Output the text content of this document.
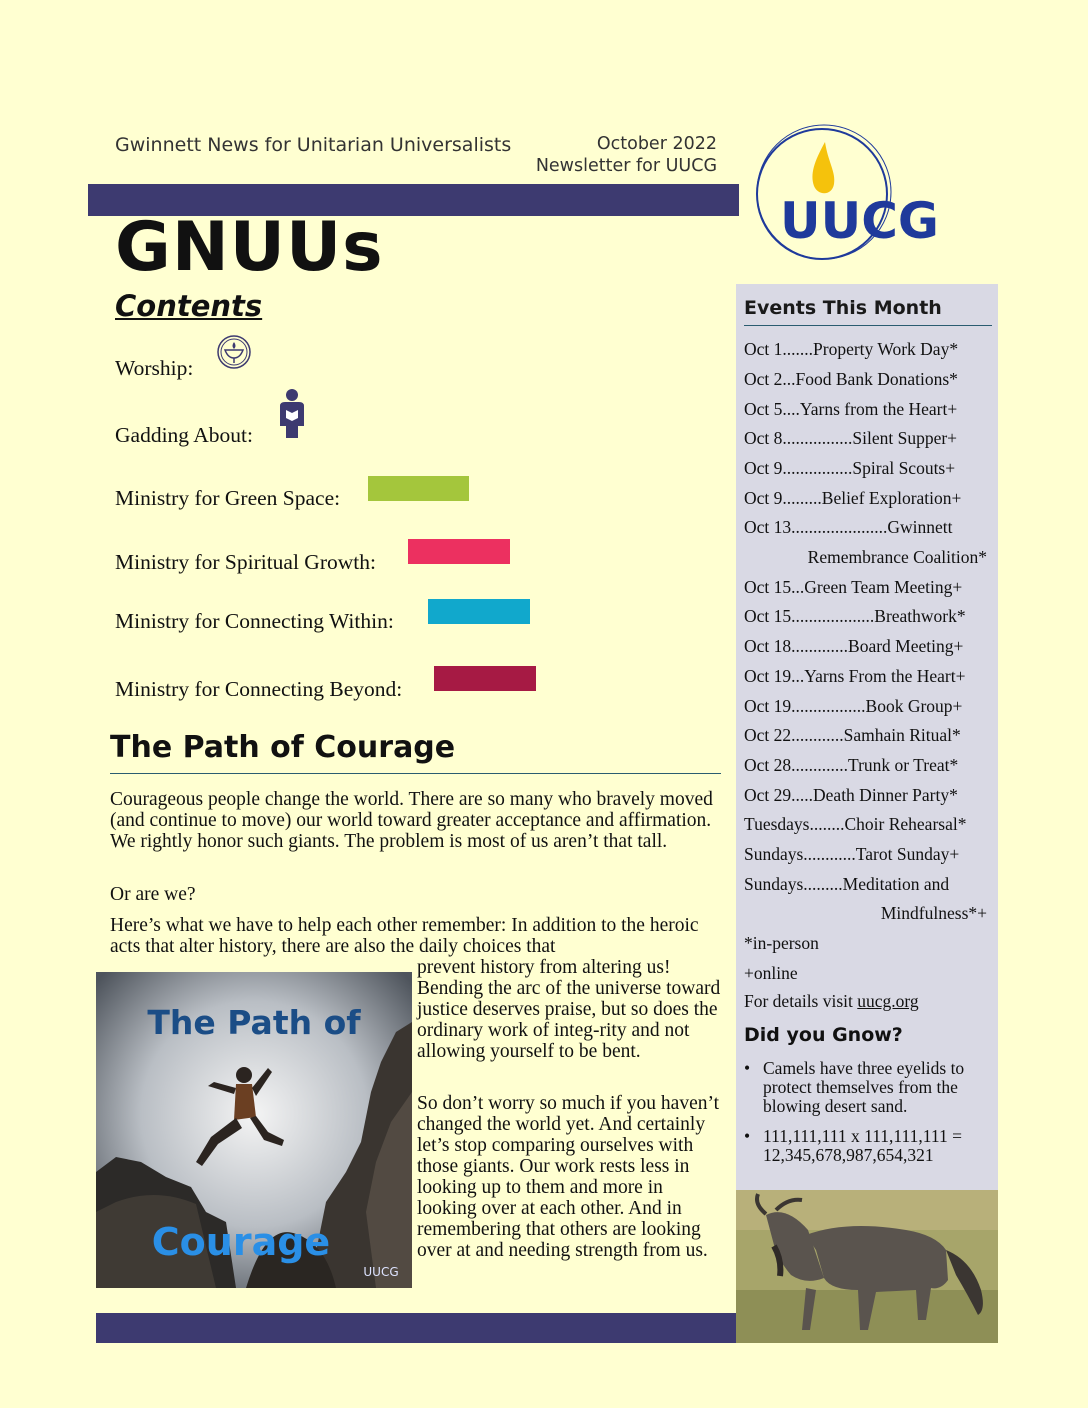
Gwinnett News for Unitarian Universalists	October 2022
Newsletter for UUCG
UUCG
GNUUs
Contents
Worship:
Gadding About:
Ministry for Green Space:
Ministry for Spiritual Growth:
Ministry for Connecting Within:
Ministry for Connecting Beyond:
The Path of Courage

Courageous people change the world. There are so many who bravely moved (and continue to move) our world toward greater acceptance and affirmation. We rightly honor such giants. The problem is most of us aren’t that tall.

Or are we?

Here’s what we have to help each other remember: In addition to the heroic acts that alter history, there are also the daily choices that

prevent history from altering us! Bending the arc of the universe toward justice deserves praise, but so does the ordinary work of integ-rity and not allowing yourself to be bent.

So don’t worry so much if you haven’t changed the world yet. And certainly let’s stop comparing ourselves with those giants. Our work rests less in looking up to them and more in looking over at each other. And in remembering that others are looking over at and needing strength from us.

The Path of
Courage
UUCG
Events This Month
Oct 1.......Property Work Day*
Oct 2...Food Bank Donations*
Oct 5....Yarns from the Heart+
Oct 8................Silent Supper+
Oct 9................Spiral Scouts+
Oct 9.........Belief Exploration+
Oct 13......................Gwinnett
Remembrance Coalition*
Oct 15...Green Team Meeting+
Oct 15...................Breathwork*
Oct 18.............Board Meeting+
Oct 19...Yarns From the Heart+
Oct 19.................Book Group+
Oct 22............Samhain Ritual*
Oct 28.............Trunk or Treat*
Oct 29.....Death Dinner Party*
Tuesdays........Choir Rehearsal*
Sundays............Tarot Sunday+
Sundays.........Meditation and
Mindfulness*+
*in-person
+online
For details visit uucg.org
Did you Gnow?
• Camels have three eyelids to protect themselves from the blowing desert sand.
• 111,111,111 x 111,111,111 = 12,345,678,987,654,321
